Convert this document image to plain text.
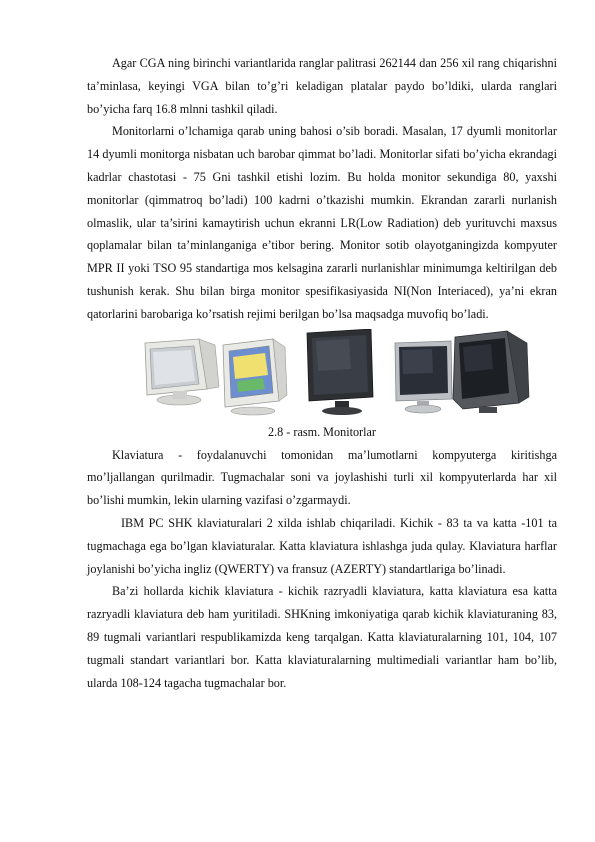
Agar CGA ning birinchi variantlarida ranglar palitrasi 262144 dan 256 xil rang chiqarishni ta’minlasa, keyingi VGA bilan to’g’ri keladigan platalar paydo bo’ldiki, ularda ranglari bo’yicha farq 16.8 mlnni tashkil qiladi.

Monitorlarni o’lchamiga qarab uning bahosi o’sib boradi. Masalan, 17 dyumli monitorlar 14 dyumli monitorga nisbatan uch barobar qimmat bo’ladi. Monitorlar sifati bo’yicha ekrandagi kadrlar chastotasi - 75 Gni tashkil etishi lozim. Bu holda monitor sekundiga 80, yaxshi monitorlar (qimmatroq bo’ladi) 100 kadrni o’tkazishi mumkin. Ekrandan zararli nurlanish olmaslik, ular ta’sirini kamaytirish uchun ekranni LR(Low Radiation) deb yurituvchi maxsus qoplamalar bilan ta’minlanganiga e’tibor bering. Monitor sotib olayotganingizda kompyuter MPR II yoki TSO 95 standartiga mos kelsagina zararli nurlanishlar minimumga keltirilgan deb tushunish kerak. Shu bilan birga monitor spesifikasiyasida NI(Non Interiaced), ya’ni ekran qatorlarini barobariga ko’rsatish rejimi berilgan bo’lsa maqsadga muvofiq bo’ladi.

2.8 - rasm. Monitorlar

Klaviatura - foydalanuvchi tomonidan ma’lumotlarni kompyuterga kiritishga mo’ljallangan qurilmadir. Tugmachalar soni va joylashishi turli xil kompyuterlarda har xil bo’lishi mumkin, lekin ularning vazifasi o’zgarmaydi.

IBM PC SHK klaviaturalari 2 xilda ishlab chiqariladi. Kichik - 83 ta va katta -101 ta tugmachaga ega bo’lgan klaviaturalar. Katta klaviatura ishlashga juda qulay. Klaviatura harflar joylanishi bo’yicha ingliz (QWERTY) va fransuz (AZERTY) standartlariga bo’linadi.

Ba’zi hollarda kichik klaviatura - kichik razryadli klaviatura, katta klaviatura esa katta razryadli klaviatura deb ham yuritiladi. SHKning imkoniyatiga qarab kichik klaviaturaning 83, 89 tugmali variantlari respublikamizda keng tarqalgan. Katta klaviaturalarning 101, 104, 107 tugmali standart variantlari bor. Katta klaviaturalarning multimediali variantlar ham bo’lib, ularda 108-124 tagacha tugmachalar bor.
